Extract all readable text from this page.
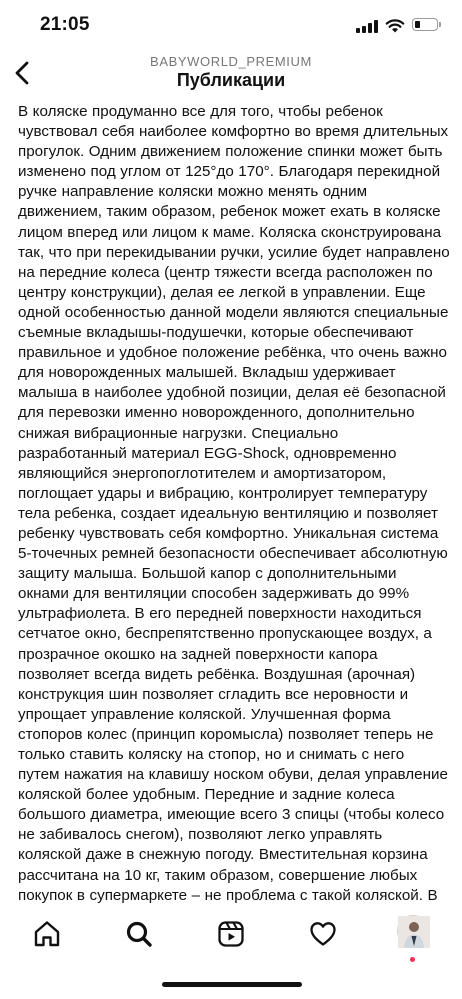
21:05
BABYWORLD_PREMIUM
Публикации
В коляске продуманно все для того, чтобы ребенок чувствовал себя наиболее комфортно во время длительных прогулок. Одним движением положение спинки может быть изменено под углом от 125°до 170°. Благодаря перекидной ручке направление коляски можно менять одним движением, таким образом, ребенок может ехать в коляске лицом вперед или лицом к маме. Коляска сконструирована так, что при перекидывании ручки, усилие будет направлено на передние колеса (центр тяжести всегда расположен по центру конструкции), делая ее легкой в управлении. Еще одной особенностью данной модели являются специальные съемные вкладышы-подушечки, которые обеспечивают правильное и удобное положение ребёнка, что очень важно для новорожденных малышей. Вкладыш удерживает малыша в наиболее удобной позиции, делая её безопасной для перевозки именно новорожденного, дополнительно снижая вибрационные нагрузки. Специально разработанный материал EGG-Shock, одновременно являющийся энергопоглотителем и амортизатором, поглощает удары и вибрацию, контролирует температуру тела ребенка, создает идеальную вентиляцию и позволяет ребенку чувствовать себя комфортно. Уникальная система 5-точечных ремней безопасности обеспечивает абсолютную защиту малыша. Большой капор с дополнительными окнами для вентиляции способен задерживать до 99% ультрафиолета. В его передней поверхности находиться сетчатое окно, беспрепятственно пропускающее воздух, а прозрачное окошко на задней поверхности капора позволяет всегда видеть ребёнка. Воздушная (арочная) конструкция шин позволяет сгладить все неровности и упрощает управление коляской. Улучшенная форма стопоров колес (принцип коромысла) позволяет теперь не только ставить коляску на стопор, но и снимать с него путем нажатия на клавишу носком обуви, делая управление коляской более удобным. Передние и задние колеса большого диаметра, имеющие всего 3 спицы (чтобы колесо не забивалось снегом), позволяют легко управлять коляской даже в снежную погоду. Вместительная корзина рассчитана на 10 кг, таким образом, совершение любых покупок в супермаркете – не проблема с такой коляской. В
